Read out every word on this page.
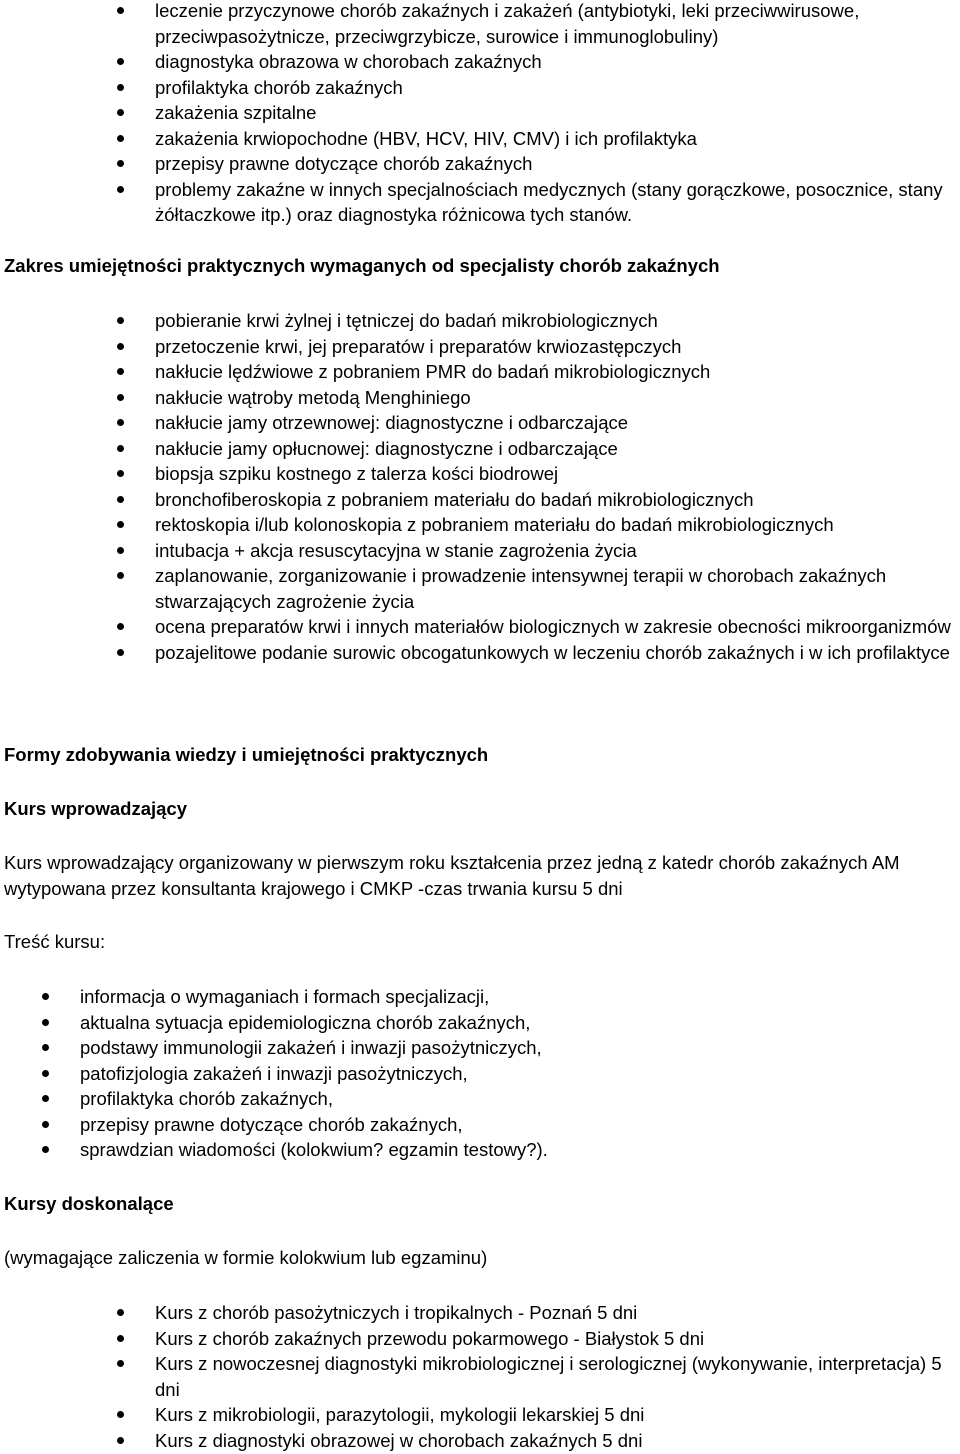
leczenie przyczynowe chorób zakaźnych i zakażeń (antybiotyki, leki przeciwwirusowe, przeciwpasożytnicze, przeciwgrzybicze, surowice i immunoglobuliny)
diagnostyka obrazowa w chorobach zakaźnych
profilaktyka chorób zakaźnych
zakażenia szpitalne
zakażenia krwiopochodne (HBV, HCV, HIV, CMV) i ich profilaktyka
przepisy prawne dotyczące chorób zakaźnych
problemy zakaźne w innych specjalnościach medycznych (stany gorączkowe, posocznice, stany żółtaczkowe itp.) oraz diagnostyka różnicowa tych stanów.
Zakres umiejętności praktycznych wymaganych od specjalisty chorób zakaźnych
pobieranie krwi żylnej i tętniczej do badań mikrobiologicznych
przetoczenie krwi, jej preparatów i preparatów krwiozastępczych
nakłucie lędźwiowe z pobraniem PMR do badań mikrobiologicznych
nakłucie wątroby metodą Menghiniego
nakłucie jamy otrzewnowej: diagnostyczne i odbarczające
nakłucie jamy opłucnowej: diagnostyczne i odbarczające
biopsja szpiku kostnego z talerza kości biodrowej
bronchofiberoskopia z pobraniem materiału do badań mikrobiologicznych
rektoskopia i/lub kolonoskopia z pobraniem materiału do badań mikrobiologicznych
intubacja + akcja resuscytacyjna w stanie zagrożenia życia
zaplanowanie, zorganizowanie i prowadzenie intensywnej terapii w chorobach zakaźnych stwarzających zagrożenie życia
ocena preparatów krwi i innych materiałów biologicznych w zakresie obecności mikroorganizmów
pozajelitowe podanie surowic obcogatunkowych w leczeniu chorób zakaźnych i w ich profilaktyce
Formy zdobywania wiedzy i umiejętności praktycznych
Kurs wprowadzający
Kurs wprowadzający organizowany w pierwszym roku kształcenia przez jedną z katedr chorób zakaźnych AM wytypowana przez konsultanta krajowego i CMKP -czas trwania kursu 5 dni
Treść kursu:
informacja o wymaganiach i formach specjalizacji,
aktualna sytuacja epidemiologiczna chorób zakaźnych,
podstawy immunologii zakażeń i inwazji pasożytniczych,
patofizjologia zakażeń i inwazji pasożytniczych,
profilaktyka chorób zakaźnych,
przepisy prawne dotyczące chorób zakaźnych,
sprawdzian wiadomości (kolokwium? egzamin testowy?).
Kursy doskonalące
(wymagające zaliczenia w formie kolokwium lub egzaminu)
Kurs z chorób pasożytniczych i tropikalnych - Poznań 5 dni
Kurs z chorób zakaźnych przewodu pokarmowego - Białystok 5 dni
Kurs z nowoczesnej diagnostyki mikrobiologicznej i serologicznej (wykonywanie, interpretacja) 5 dni
Kurs z mikrobiologii, parazytologii, mykologii lekarskiej 5 dni
Kurs z diagnostyki obrazowej w chorobach zakaźnych 5 dni
